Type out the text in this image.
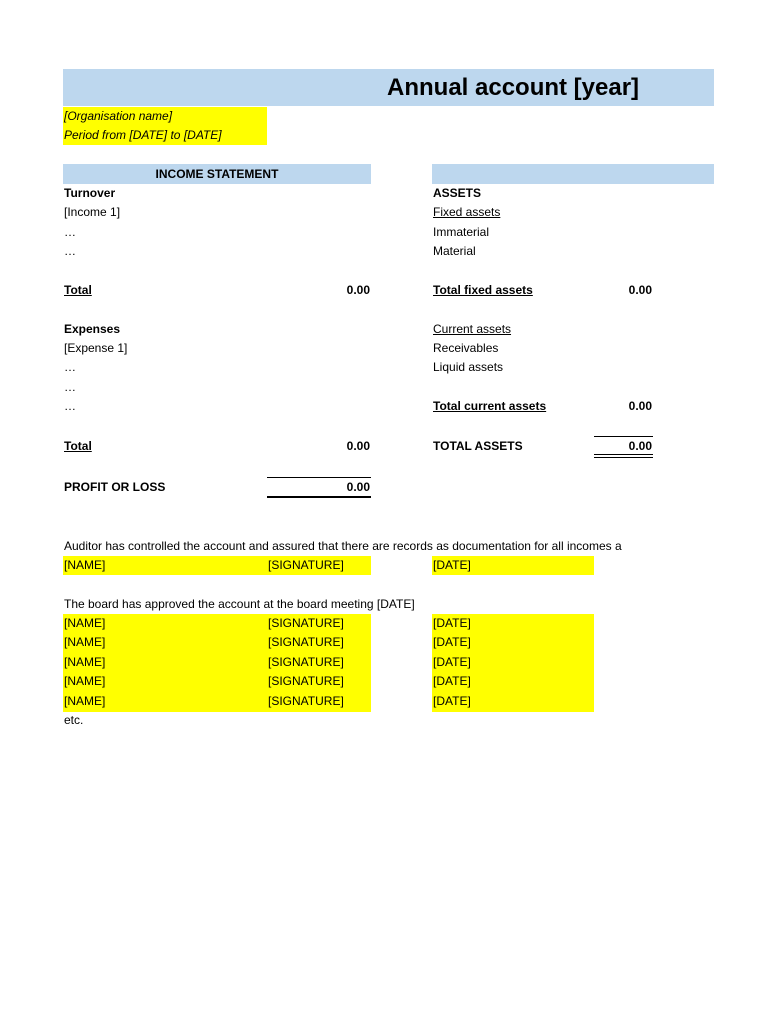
Annual account [year]
[Organisation name]
Period from [DATE] to [DATE]
INCOME STATEMENT
Turnover
[Income 1]
…
…
Total	0.00
Expenses
[Expense 1]
…
…
…
Total	0.00
PROFIT OR LOSS	0.00
ASSETS
Fixed assets
Immaterial
Material
Total fixed assets	0.00
Current assets
Receivables
Liquid assets
Total current assets	0.00
TOTAL ASSETS	0.00
Auditor has controlled the account and assured that there are records as documentation for all incomes a
[NAME]	[SIGNATURE]	[DATE]
The board has approved the account at the board meeting [DATE]
[NAME]	[SIGNATURE]	[DATE]
[NAME]	[SIGNATURE]	[DATE]
[NAME]	[SIGNATURE]	[DATE]
[NAME]	[SIGNATURE]	[DATE]
[NAME]	[SIGNATURE]	[DATE]
etc.
